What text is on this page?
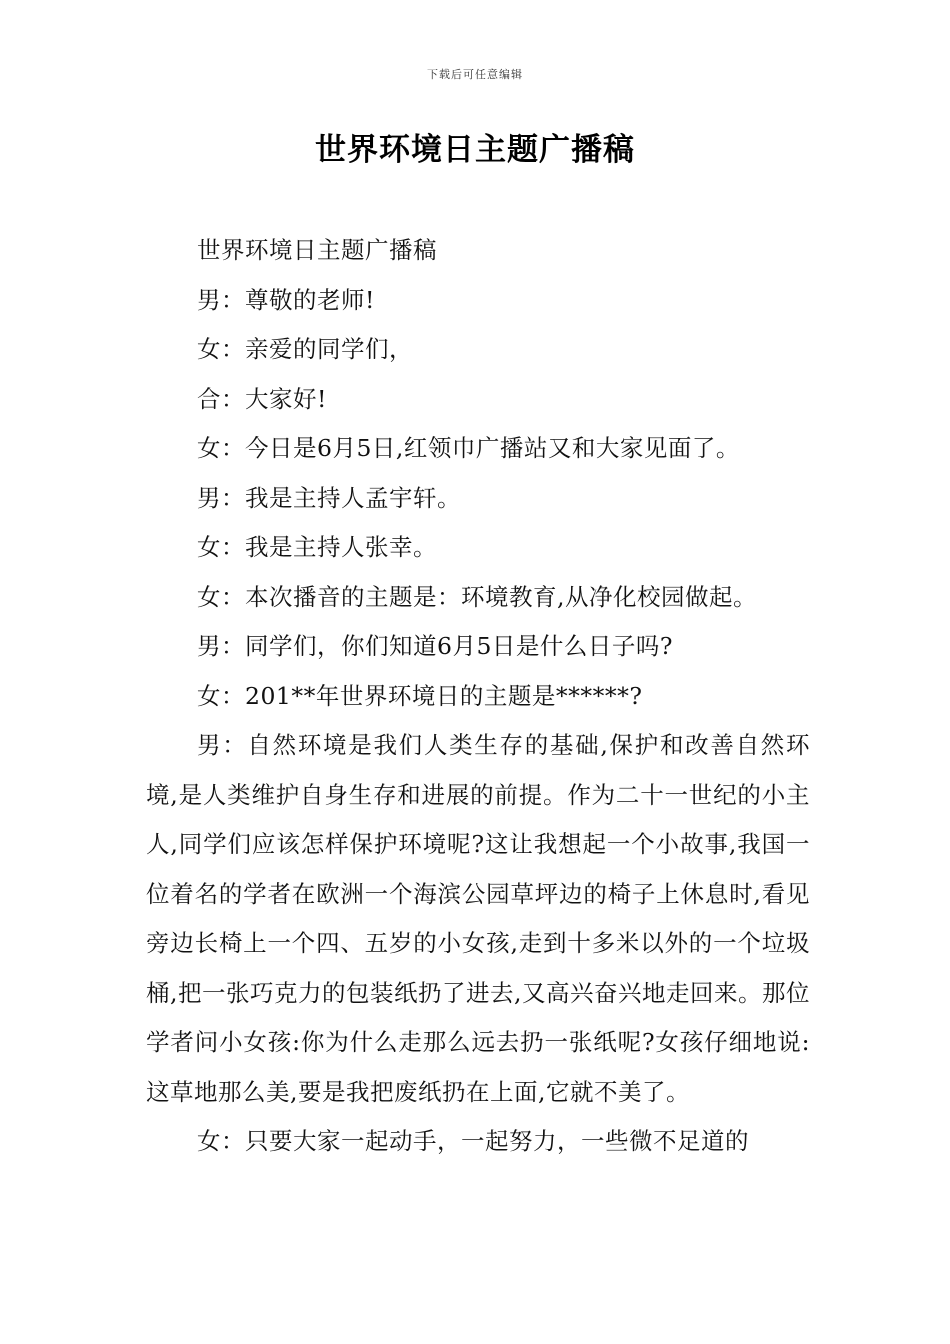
下载后可任意编辑
世界环境日主题广播稿

世界环境日主题广播稿

男：尊敬的老师!

女：亲爱的同学们，

合：大家好!

女：今日是6月5日,红领巾广播站又和大家见面了。

男：我是主持人孟宇轩。

女：我是主持人张幸。

女：本次播音的主题是：环境教育,从净化校园做起。

男：同学们，你们知道6月5日是什么日子吗?

女：201**年世界环境日的主题是******?

男：自然环境是我们人类生存的基础,保护和改善自然环境,是人类维护自身生存和进展的前提。作为二十一世纪的小主人,同学们应该怎样保护环境呢?这让我想起一个小故事,我国一位着名的学者在欧洲一个海滨公园草坪边的椅子上休息时,看见旁边长椅上一个四、五岁的小女孩,走到十多米以外的一个垃圾桶,把一张巧克力的包装纸扔了进去,又高兴奋兴地走回来。那位学者问小女孩:你为什么走那么远去扔一张纸呢?女孩仔细地说:这草地那么美,要是我把废纸扔在上面,它就不美了。

女：只要大家一起动手，一起努力，一些微不足道的
